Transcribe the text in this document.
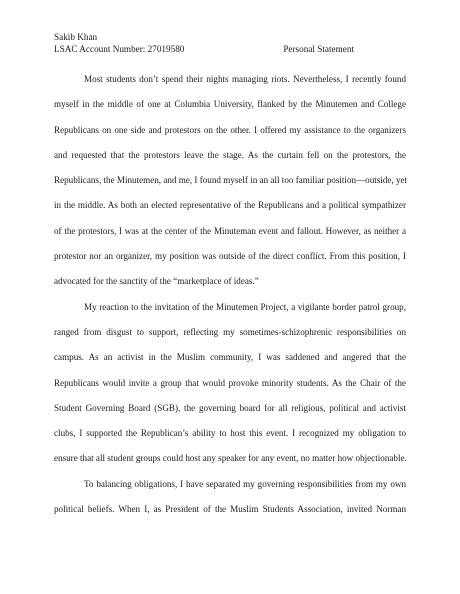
Sakib Khan
LSAC Account Number: 27019580	Personal Statement
Most students don’t spend their nights managing riots. Nevertheless, I recently found
myself in the middle of one at Columbia University, flanked by the Minutemen and College
Republicans on one side and protestors on the other. I offered my assistance to the organizers
and requested that the protestors leave the stage. As the curtain fell on the protestors, the
Republicans, the Minutemen, and me, I found myself in an all too familiar position—outside, yet
in the middle. As both an elected representative of the Republicans and a political sympathizer
of the protestors, I was at the center of the Minuteman event and fallout. However, as neither a
protestor nor an organizer, my position was outside of the direct conflict. From this position, I
advocated for the sanctity of the “marketplace of ideas.”
My reaction to the invitation of the Minutemen Project, a vigilante border patrol group,
ranged from disgust to support, reflecting my sometimes-schizophrenic responsibilities on
campus. As an activist in the Muslim community, I was saddened and angered that the
Republicans would invite a group that would provoke minority students. As the Chair of the
Student Governing Board (SGB), the governing board for all religious, political and activist
clubs, I supported the Republican’s ability to host this event. I recognized my obligation to
ensure that all student groups could host any speaker for any event, no matter how objectionable.
To balancing obligations, I have separated my governing responsibilities from my own
political beliefs. When I, as President of the Muslim Students Association, invited Norman
